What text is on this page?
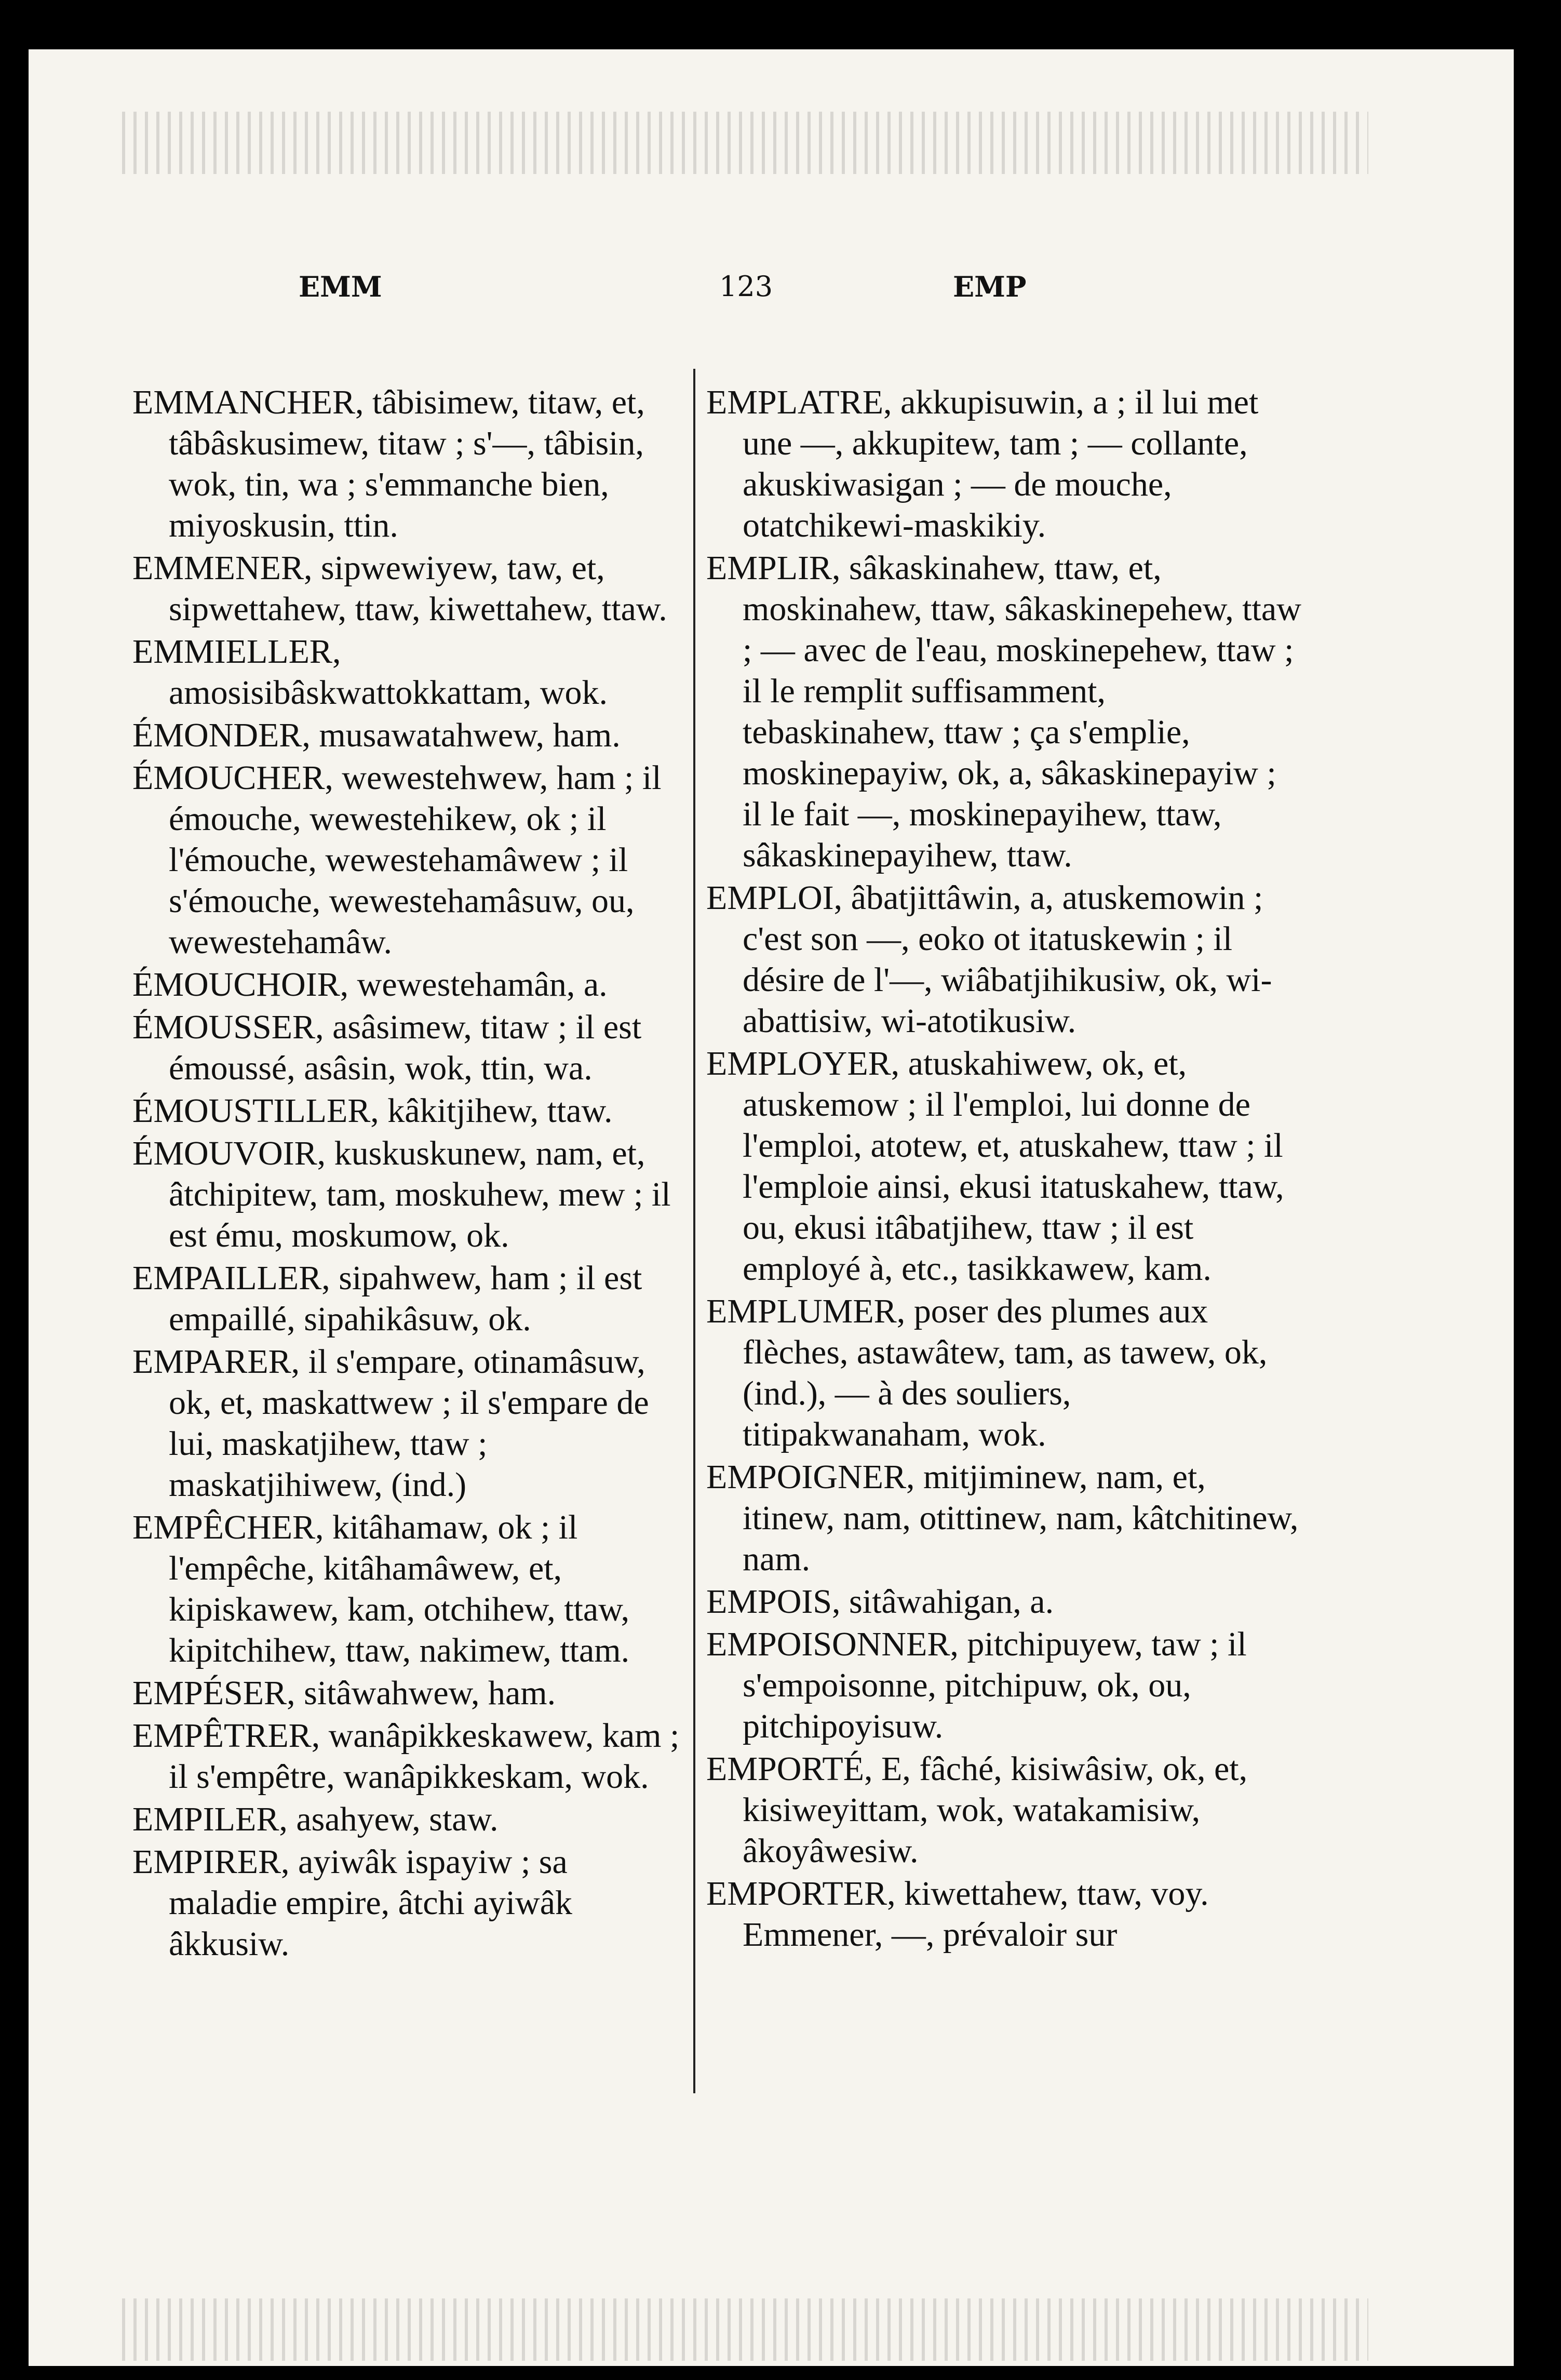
EMM	123	EMP

EMMANCHER, tâbisimew, titaw, et, tâbâskusimew, titaw ; s'—, tâbisin, wok, tin, wa ; s'emmanche bien, miyoskusin, ttin.

EMMENER, sipwewiyew, taw, et, sipwettahew, ttaw, kiwettahew, ttaw.

EMMIELLER, amosisibâskwattokkattam, wok.

ÉMONDER, musawatahwew, ham.

ÉMOUCHER, wewestehwew, ham ; il émouche, wewestehikew, ok ; il l'émouche, wewestehamâwew ; il s'émouche, wewestehamâsuw, ou, wewestehamâw.

ÉMOUCHOIR, wewestehamân, a.

ÉMOUSSER, asâsimew, titaw ; il est émoussé, asâsin, wok, ttin, wa.

ÉMOUSTILLER, kâkitjihew, ttaw.

ÉMOUVOIR, kuskuskunew, nam, et, âtchipitew, tam, moskuhew, mew ; il est ému, moskumow, ok.

EMPAILLER, sipahwew, ham ; il est empaillé, sipahikâsuw, ok.

EMPARER, il s'empare, otinamâsuw, ok, et, maskattwew ; il s'empare de lui, maskatjihew, ttaw ; maskatjihiwew, (ind.)

EMPÊCHER, kitâhamaw, ok ; il l'empêche, kitâhamâwew, et, kipiskawew, kam, otchihew, ttaw, kipitchihew, ttaw, nakimew, ttam.

EMPÉSER, sitâwahwew, ham.

EMPÊTRER, wanâpikkeskawew, kam ; il s'empêtre, wanâpikkeskam, wok.

EMPILER, asahyew, staw.

EMPIRER, ayiwâk ispayiw ; sa maladie empire, âtchi ayiwâk âkkusiw.

EMPLATRE, akkupisuwin, a ; il lui met une —, akkupitew, tam ; — collante, akuskiwasigan ; — de mouche, otatchikewi-maskikiy.

EMPLIR, sâkaskinahew, ttaw, et, moskinahew, ttaw, sâkaskinepehew, ttaw ; — avec de l'eau, moskinepehew, ttaw ; il le remplit suffisamment, tebaskinahew, ttaw ; ça s'emplie, moskinepayiw, ok, a, sâkaskinepayiw ; il le fait —, moskinepayihew, ttaw, sâkaskinepayihew, ttaw.

EMPLOI, âbatjittâwin, a, atuskemowin ; c'est son —, eoko ot itatuskewin ; il désire de l'—, wiâbatjihikusiw, ok, wi-abattisiw, wi-atotikusiw.

EMPLOYER, atuskahiwew, ok, et, atuskemow ; il l'emploi, lui donne de l'emploi, atotew, et, atuskahew, ttaw ; il l'emploie ainsi, ekusi itatuskahew, ttaw, ou, ekusi itâbatjihew, ttaw ; il est employé à, etc., tasikkawew, kam.

EMPLUMER, poser des plumes aux flèches, astawâtew, tam, as tawew, ok, (ind.), — à des souliers, titipakwanaham, wok.

EMPOIGNER, mitjiminew, nam, et, itinew, nam, otittinew, nam, kâtchitinew, nam.

EMPOIS, sitâwahigan, a.

EMPOISONNER, pitchipuyew, taw ; il s'empoisonne, pitchipuw, ok, ou, pitchipoyisuw.

EMPORTÉ, E, fâché, kisiwâsiw, ok, et, kisiweyittam, wok, watakamisiw, âkoyâwesiw.

EMPORTER, kiwettahew, ttaw, voy. Emmener, —, prévaloir sur
